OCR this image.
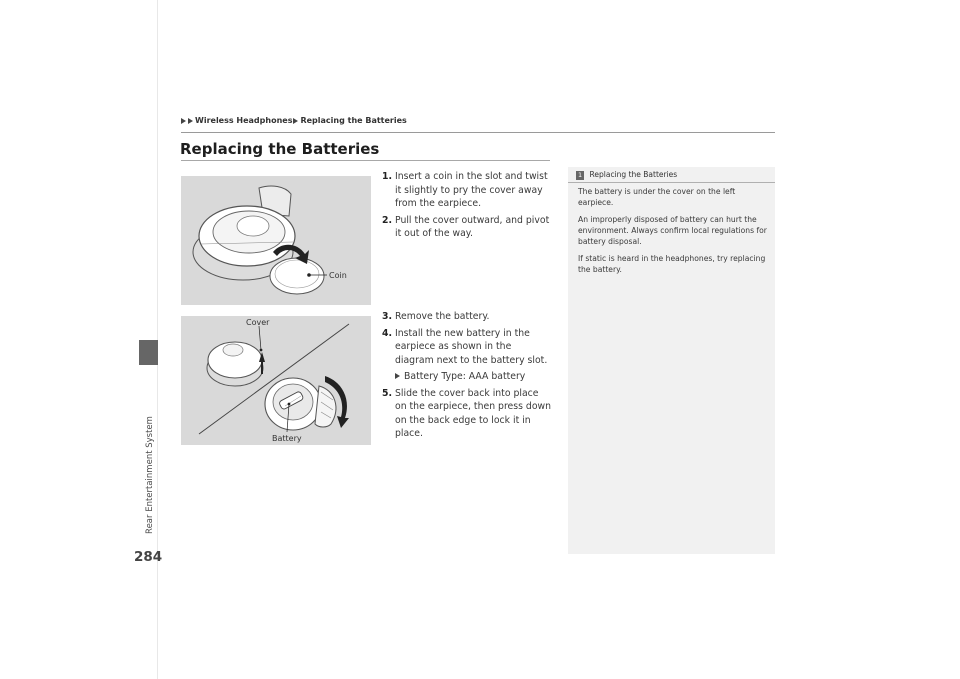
Rear Entertainment System
284
Wireless Headphones Replacing the Batteries
Replacing the Batteries
Coin
Cover
Battery
1. Insert a coin in the slot and twist it slightly to pry the cover away from the earpiece.
2. Pull the cover outward, and pivot it out of the way.
3. Remove the battery.
4. Install the new battery in the earpiece as shown in the diagram next to the battery slot.
Battery Type: AAA battery
5. Slide the cover back into place on the earpiece, then press down on the back edge to lock it in place.
1 Replacing the Batteries

The battery is under the cover on the left earpiece.

An improperly disposed of battery can hurt the environment. Always confirm local regulations for battery disposal.

If static is heard in the headphones, try replacing the battery.
